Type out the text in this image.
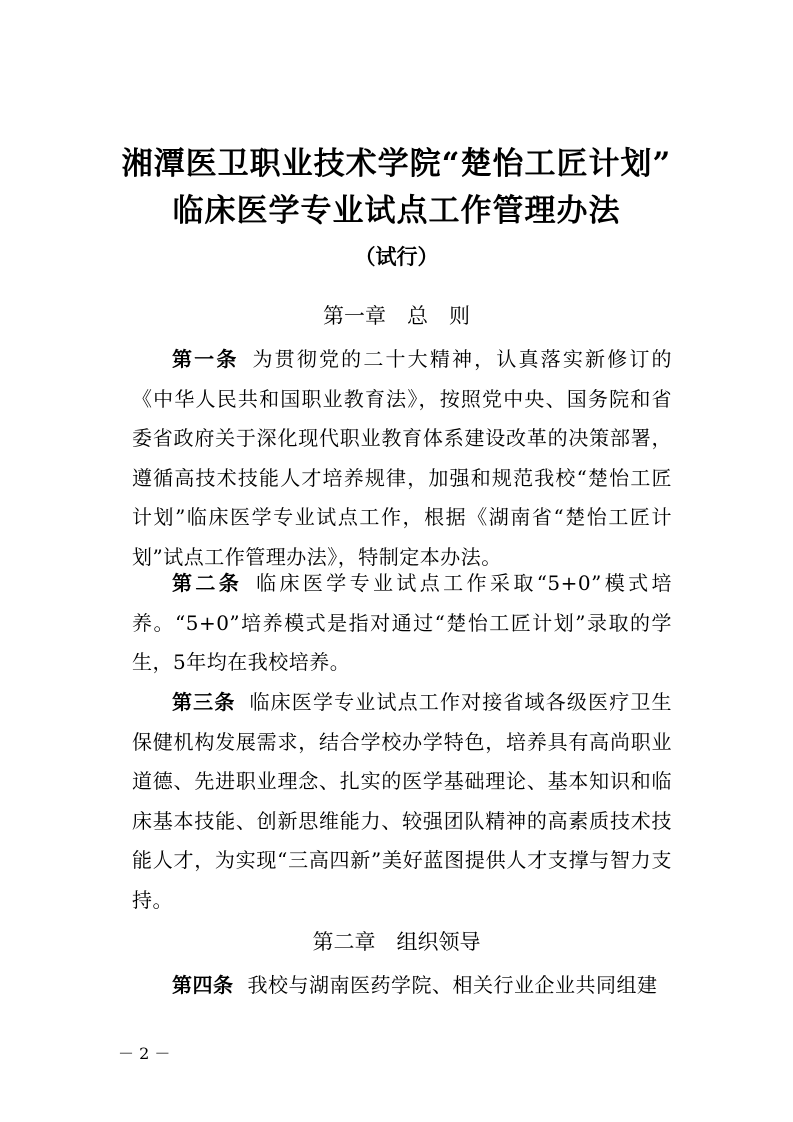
湘潭医卫职业技术学院“楚怡工匠计划”
临床医学专业试点工作管理办法
（试行）
第一章　总　则
第一条 为贯彻党的二十大精神，认真落实新修订的《中华人民共和国职业教育法》，按照党中央、国务院和省委省政府关于深化现代职业教育体系建设改革的决策部署，遵循高技术技能人才培养规律，加强和规范我校“楚怡工匠计划”临床医学专业试点工作，根据《湖南省“楚怡工匠计划”试点工作管理办法》，特制定本办法。
第二条 临床医学专业试点工作采取“5+0”模式培养。“5+0”培养模式是指对通过“楚怡工匠计划”录取的学生，5年均在我校培养。
第三条 临床医学专业试点工作对接省域各级医疗卫生保健机构发展需求，结合学校办学特色，培养具有高尚职业道德、先进职业理念、扎实的医学基础理论、基本知识和临床基本技能、创新思维能力、较强团队精神的高素质技术技能人才，为实现“三高四新”美好蓝图提供人才支撑与智力支持。
第二章　组织领导
第四条 我校与湖南医药学院、相关行业企业共同组建
－ 2 －
